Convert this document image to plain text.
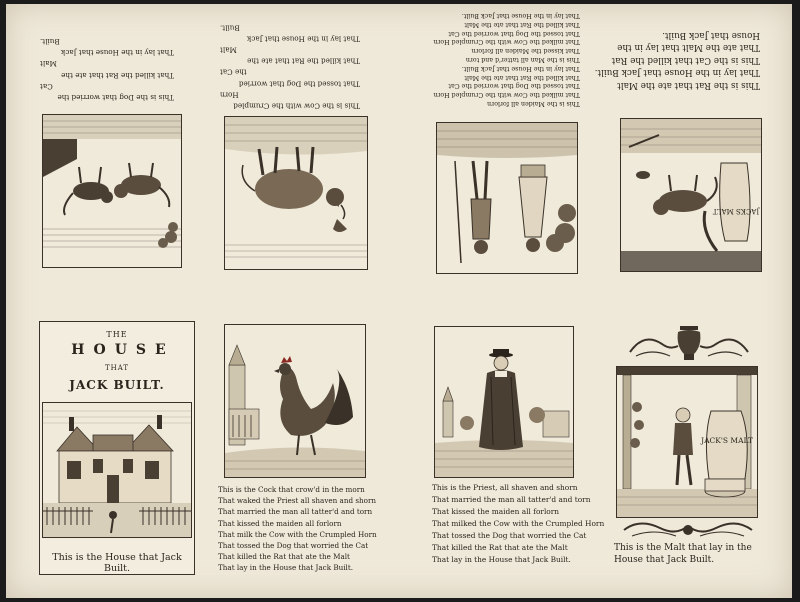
This is the Dog that worried the
Cat
That killed the Rat that ate the
Malt
That lay in the House that Jack
Built.
This is the Cow with the Crumpled
Horn
That tossed the Dog that worried
the Cat
That killed the Rat that ate the
Malt
That lay in the House that Jack
Built.
This is the Maiden all forlorn
That milked the Cow with the Crumpled Horn
That tossed the Dog that worried the Cat
That killed the Rat that ate the Malt
That lay in the House that Jack Built.
This is the Man all tatter'd and torn
That kissed the Maiden all forlorn
That milked the Cow with the Crumpled Horn
That tossed the Dog that worried the Cat
That killed the Rat that ate the Malt
That lay in the House that Jack Built.
This is the Rat that ate the Malt
That lay in the House that Jack Built.
This is the Cat that killed the Rat
That ate the Malt that lay in the
House that Jack Built.
JACKS MALT
THE
HOUSE
THAT
JACK BUILT.
This is the House that Jack Built.
This is the Cock that crow'd in the morn
That waked the Priest all shaven and shorn
That married the man all tatter'd and torn
That kissed the maiden all forlorn
That milk the Cow with the Crumpled Horn
That tossed the Dog that worried the Cat
That killed the Rat that ate the Malt
That lay in the House that Jack Built.
This is the Priest, all shaven and shorn
That married the man all tatter'd and torn
That kissed the maiden all forlorn
That milked the Cow with the Crumpled Horn
That tossed the Dog that worried the Cat
That killed the Rat that ate the Malt
That lay in the House that Jack Built.
JACK'S MALT
This is the Malt that lay in the
House that Jack Built.
